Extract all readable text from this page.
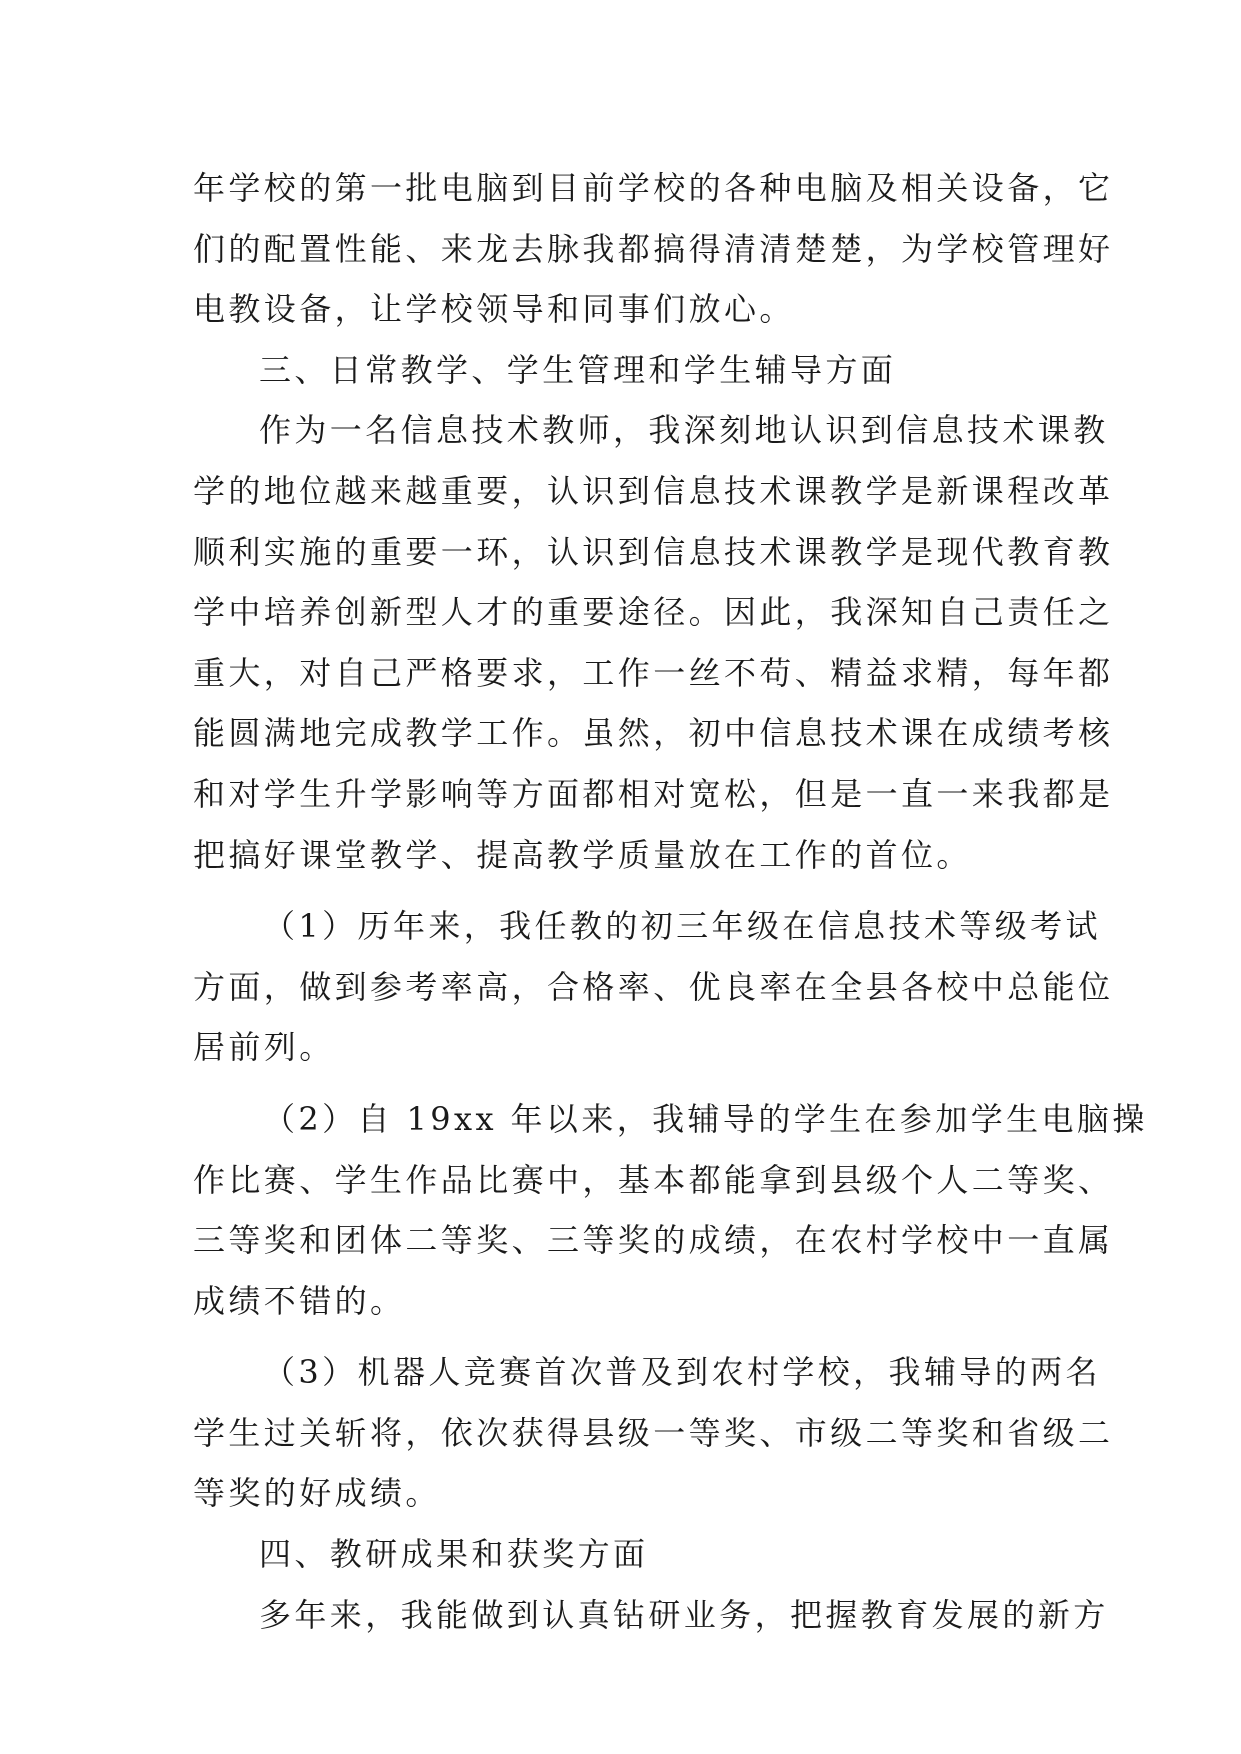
年学校的第一批电脑到目前学校的各种电脑及相关设备，它
们的配置性能、来龙去脉我都搞得清清楚楚，为学校管理好
电教设备，让学校领导和同事们放心。
三、日常教学、学生管理和学生辅导方面
作为一名信息技术教师，我深刻地认识到信息技术课教
学的地位越来越重要，认识到信息技术课教学是新课程改革
顺利实施的重要一环，认识到信息技术课教学是现代教育教
学中培养创新型人才的重要途径。因此，我深知自己责任之
重大，对自己严格要求，工作一丝不苟、精益求精，每年都
能圆满地完成教学工作。虽然，初中信息技术课在成绩考核
和对学生升学影响等方面都相对宽松，但是一直一来我都是
把搞好课堂教学、提高教学质量放在工作的首位。
（1）历年来，我任教的初三年级在信息技术等级考试
方面，做到参考率高，合格率、优良率在全县各校中总能位
居前列。
（2）自 19xx 年以来，我辅导的学生在参加学生电脑操
作比赛、学生作品比赛中，基本都能拿到县级个人二等奖、
三等奖和团体二等奖、三等奖的成绩，在农村学校中一直属
成绩不错的。
（3）机器人竞赛首次普及到农村学校，我辅导的两名
学生过关斩将，依次获得县级一等奖、市级二等奖和省级二
等奖的好成绩。
四、教研成果和获奖方面
多年来，我能做到认真钻研业务，把握教育发展的新方
